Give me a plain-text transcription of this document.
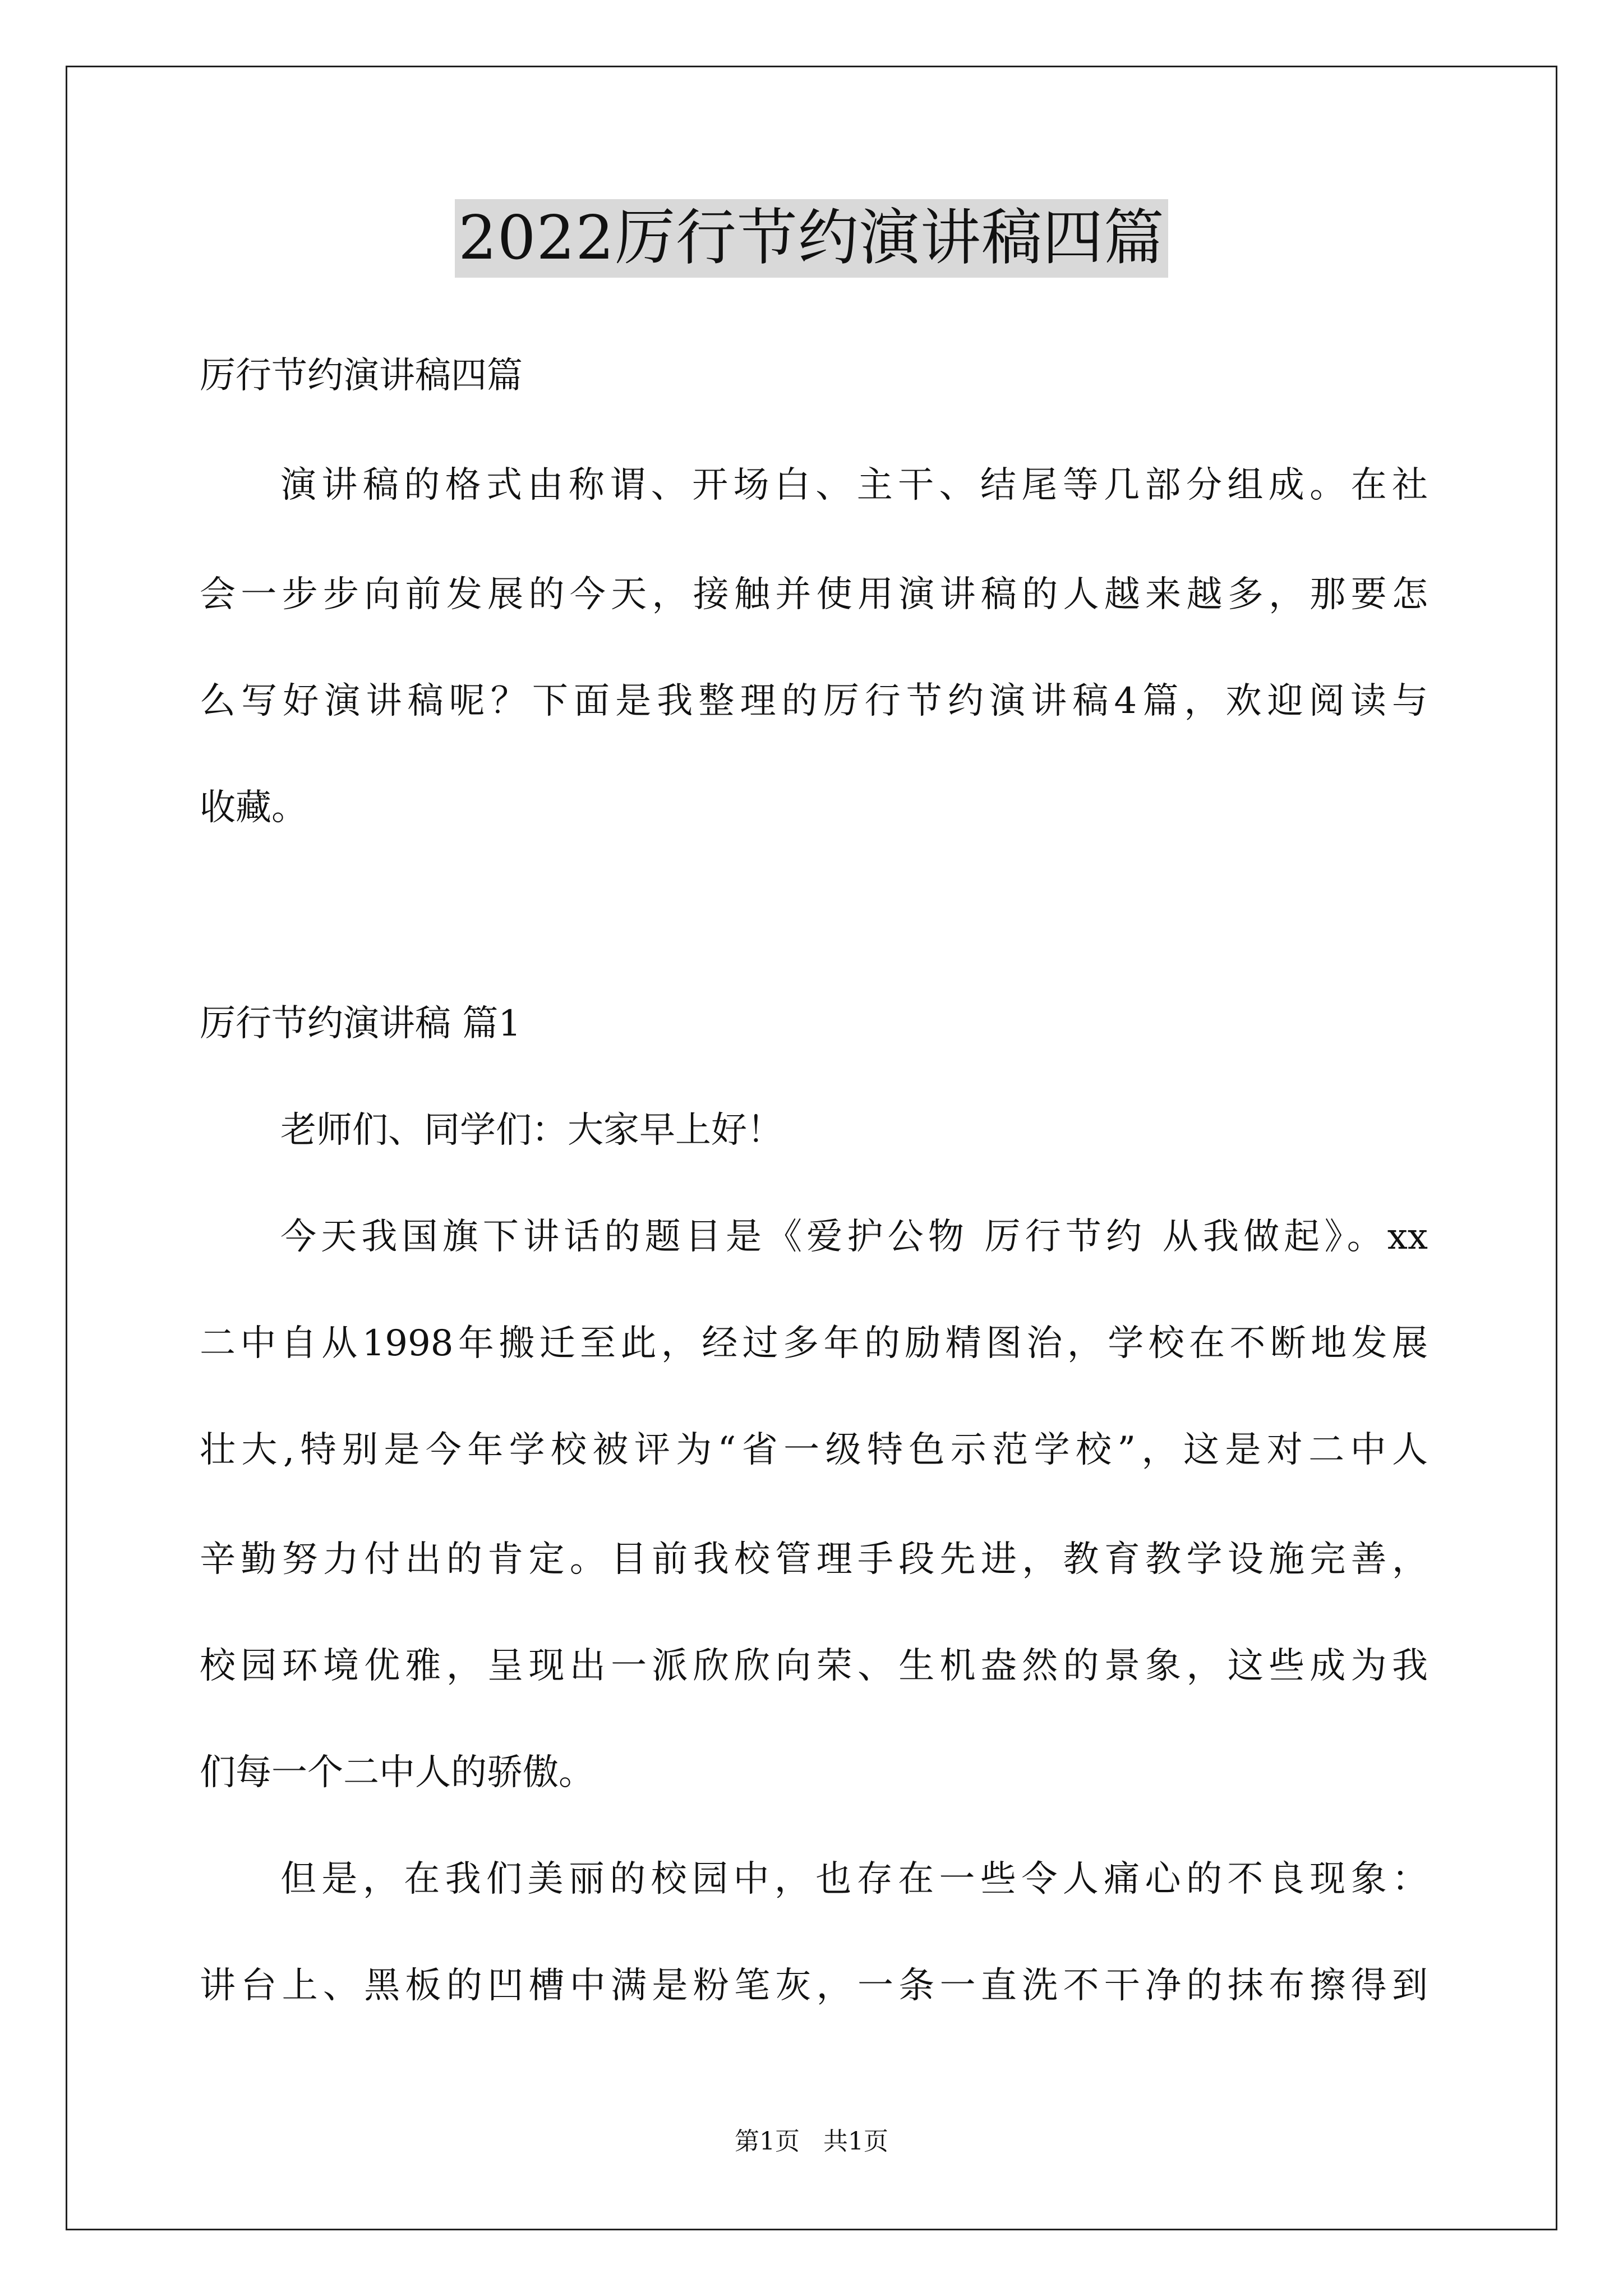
2022厉行节约演讲稿四篇
厉行节约演讲稿四篇
演讲稿的格式由称谓、开场白、主干、结尾等几部分组成。在社
会一步步向前发展的今天，接触并使用演讲稿的人越来越多，那要怎
么写好演讲稿呢？下面是我整理的厉行节约演讲稿4篇，欢迎阅读与
收藏。
厉行节约演讲稿 篇1
老师们、同学们：大家早上好！
今天我国旗下讲话的题目是《爱护公物 厉行节约 从我做起》。xx
二中自从1998年搬迁至此，经过多年的励精图治，学校在不断地发展
壮大,特别是今年学校被评为“省一级特色示范学校”，这是对二中人
辛勤努力付出的肯定。目前我校管理手段先进，教育教学设施完善，
校园环境优雅，呈现出一派欣欣向荣、生机盎然的景象，这些成为我
们每一个二中人的骄傲。
但是，在我们美丽的校园中，也存在一些令人痛心的不良现象：
讲台上、黑板的凹槽中满是粉笔灰，一条一直洗不干净的抹布擦得到
第1页 共1页
